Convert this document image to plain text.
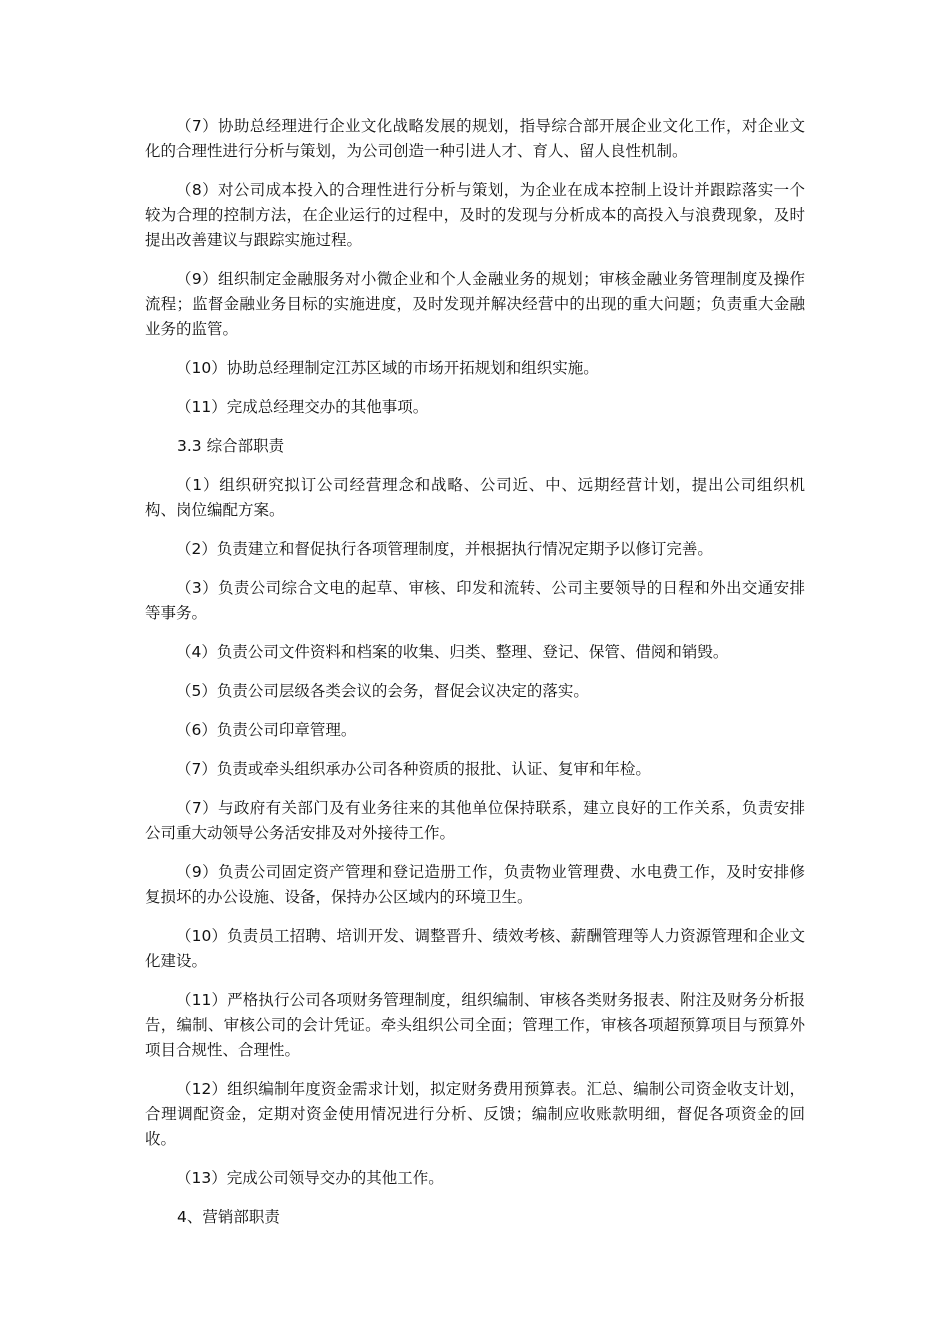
（7）协助总经理进行企业文化战略发展的规划，指导综合部开展企业文化工作，对企业文化的合理性进行分析与策划，为公司创造一种引进人才、育人、留人良性机制。

（8）对公司成本投入的合理性进行分析与策划，为企业在成本控制上设计并跟踪落实一个较为合理的控制方法，在企业运行的过程中，及时的发现与分析成本的高投入与浪费现象，及时提出改善建议与跟踪实施过程。

（9）组织制定金融服务对小微企业和个人金融业务的规划；审核金融业务管理制度及操作流程；监督金融业务目标的实施进度，及时发现并解决经营中的出现的重大问题；负责重大金融业务的监管。

（10）协助总经理制定江苏区域的市场开拓规划和组织实施。

（11）完成总经理交办的其他事项。

3.3 综合部职责

（1）组织研究拟订公司经营理念和战略、公司近、中、远期经营计划，提出公司组织机构、岗位编配方案。

（2）负责建立和督促执行各项管理制度，并根据执行情况定期予以修订完善。

（3）负责公司综合文电的起草、审核、印发和流转、公司主要领导的日程和外出交通安排等事务。

（4）负责公司文件资料和档案的收集、归类、整理、登记、保管、借阅和销毁。

（5）负责公司层级各类会议的会务，督促会议决定的落实。

（6）负责公司印章管理。

（7）负责或牵头组织承办公司各种资质的报批、认证、复审和年检。

（7）与政府有关部门及有业务往来的其他单位保持联系，建立良好的工作关系，负责安排公司重大动领导公务活安排及对外接待工作。

（9）负责公司固定资产管理和登记造册工作，负责物业管理费、水电费工作，及时安排修复损坏的办公设施、设备，保持办公区域内的环境卫生。

（10）负责员工招聘、培训开发、调整晋升、绩效考核、薪酬管理等人力资源管理和企业文化建设。

（11）严格执行公司各项财务管理制度，组织编制、审核各类财务报表、附注及财务分析报告，编制、审核公司的会计凭证。牵头组织公司全面；管理工作，审核各项超预算项目与预算外项目合规性、合理性。

（12）组织编制年度资金需求计划，拟定财务费用预算表。汇总、编制公司资金收支计划，合理调配资金，定期对资金使用情况进行分析、反馈；编制应收账款明细，督促各项资金的回收。

（13）完成公司领导交办的其他工作。

4、营销部职责
